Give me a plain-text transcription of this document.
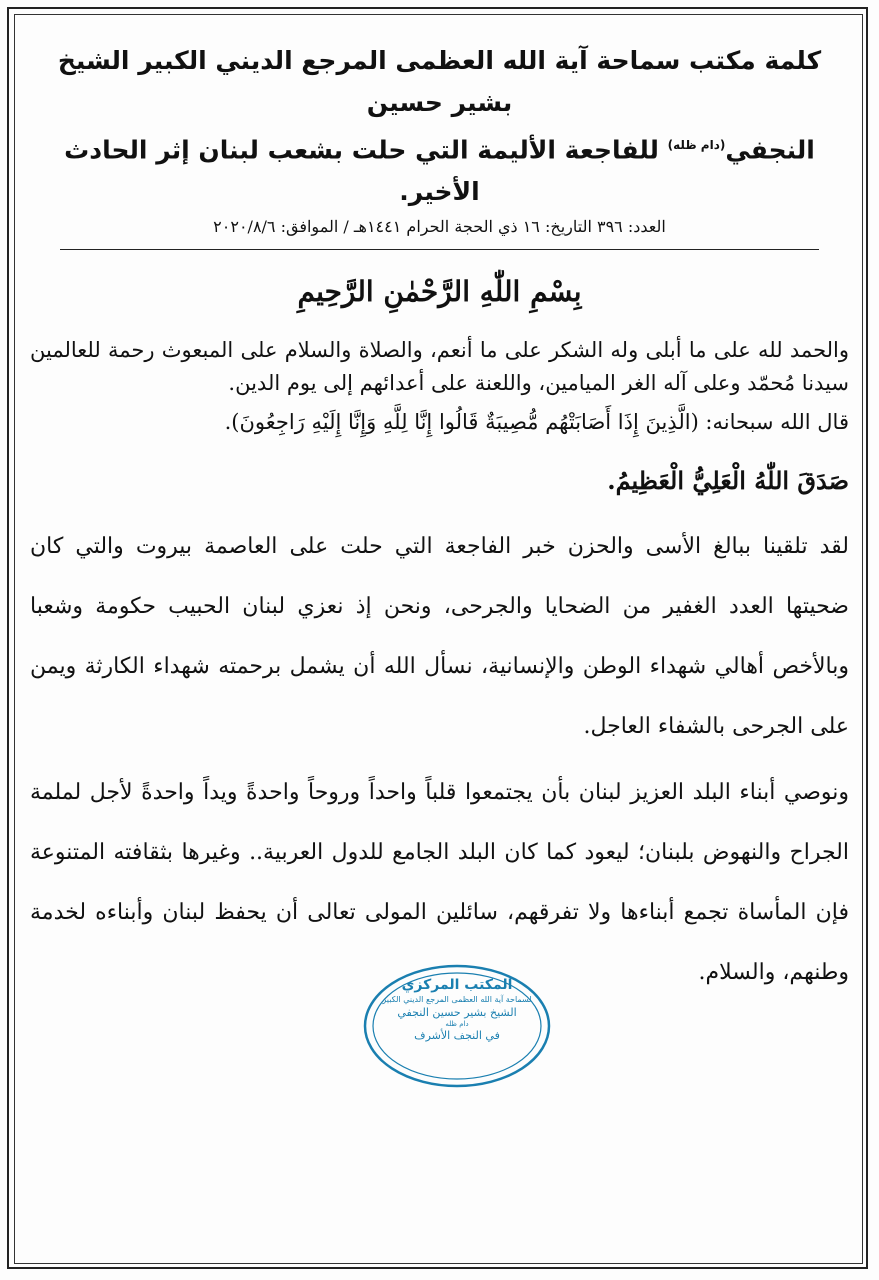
كلمة مكتب سماحة آية الله العظمى المرجع الديني الكبير الشيخ بشير حسين

النجفي$^{(دام ظله)}$ للفاجعة الأليمة التي حلت بشعب لبنان إثر الحادث الأخير.

العدد: ٣٩٦ التاريخ: ١٦ ذي الحجة الحرام ١٤٤١هـ / الموافق: ٢٠٢٠/٨/٦
بِسْمِ اللّٰهِ الرَّحْمٰنِ الرَّحِيمِ

والحمد لله على ما أبلى وله الشكر على ما أنعم، والصلاة والسلام على المبعوث رحمة للعالمين سيدنا مُحمّد وعلى آله الغر الميامين، واللعنة على أعدائهم إلى يوم الدين.

قال الله سبحانه: (الَّذِينَ إِذَا أَصَابَتْهُم مُّصِيبَةٌ قَالُوا إِنَّا لِلَّهِ وَإِنَّا إِلَيْهِ رَاجِعُونَ).

صَدَقَ اللّٰهُ الْعَلِيُّ الْعَظِيمُ.

لقد تلقينا ببالغ الأسى والحزن خبر الفاجعة التي حلت على العاصمة بيروت والتي كان ضحيتها العدد الغفير من الضحايا والجرحى، ونحن إذ نعزي لبنان الحبيب حكومة وشعبا وبالأخص أهالي شهداء الوطن والإنسانية، نسأل الله أن يشمل برحمته شهداء الكارثة ويمن على الجرحى بالشفاء العاجل.

ونوصي أبناء البلد العزيز لبنان بأن يجتمعوا قلباً واحداً وروحاً واحدةً ويداً واحدةً لأجل لملمة الجراح والنهوض بلبنان؛ ليعود كما كان البلد الجامع للدول العربية.. وغيرها بثقافته المتنوعة فإن المأساة تجمع أبناءها ولا تفرقهم، سائلين المولى تعالى أن يحفظ لبنان وأبناءه لخدمة وطنهم، والسلام.

المكتب المركزي
لسماحة آية الله العظمى المرجع الديني الكبير
الشيخ بشير حسين النجفي
دام ظله
في النجف الأشرف
